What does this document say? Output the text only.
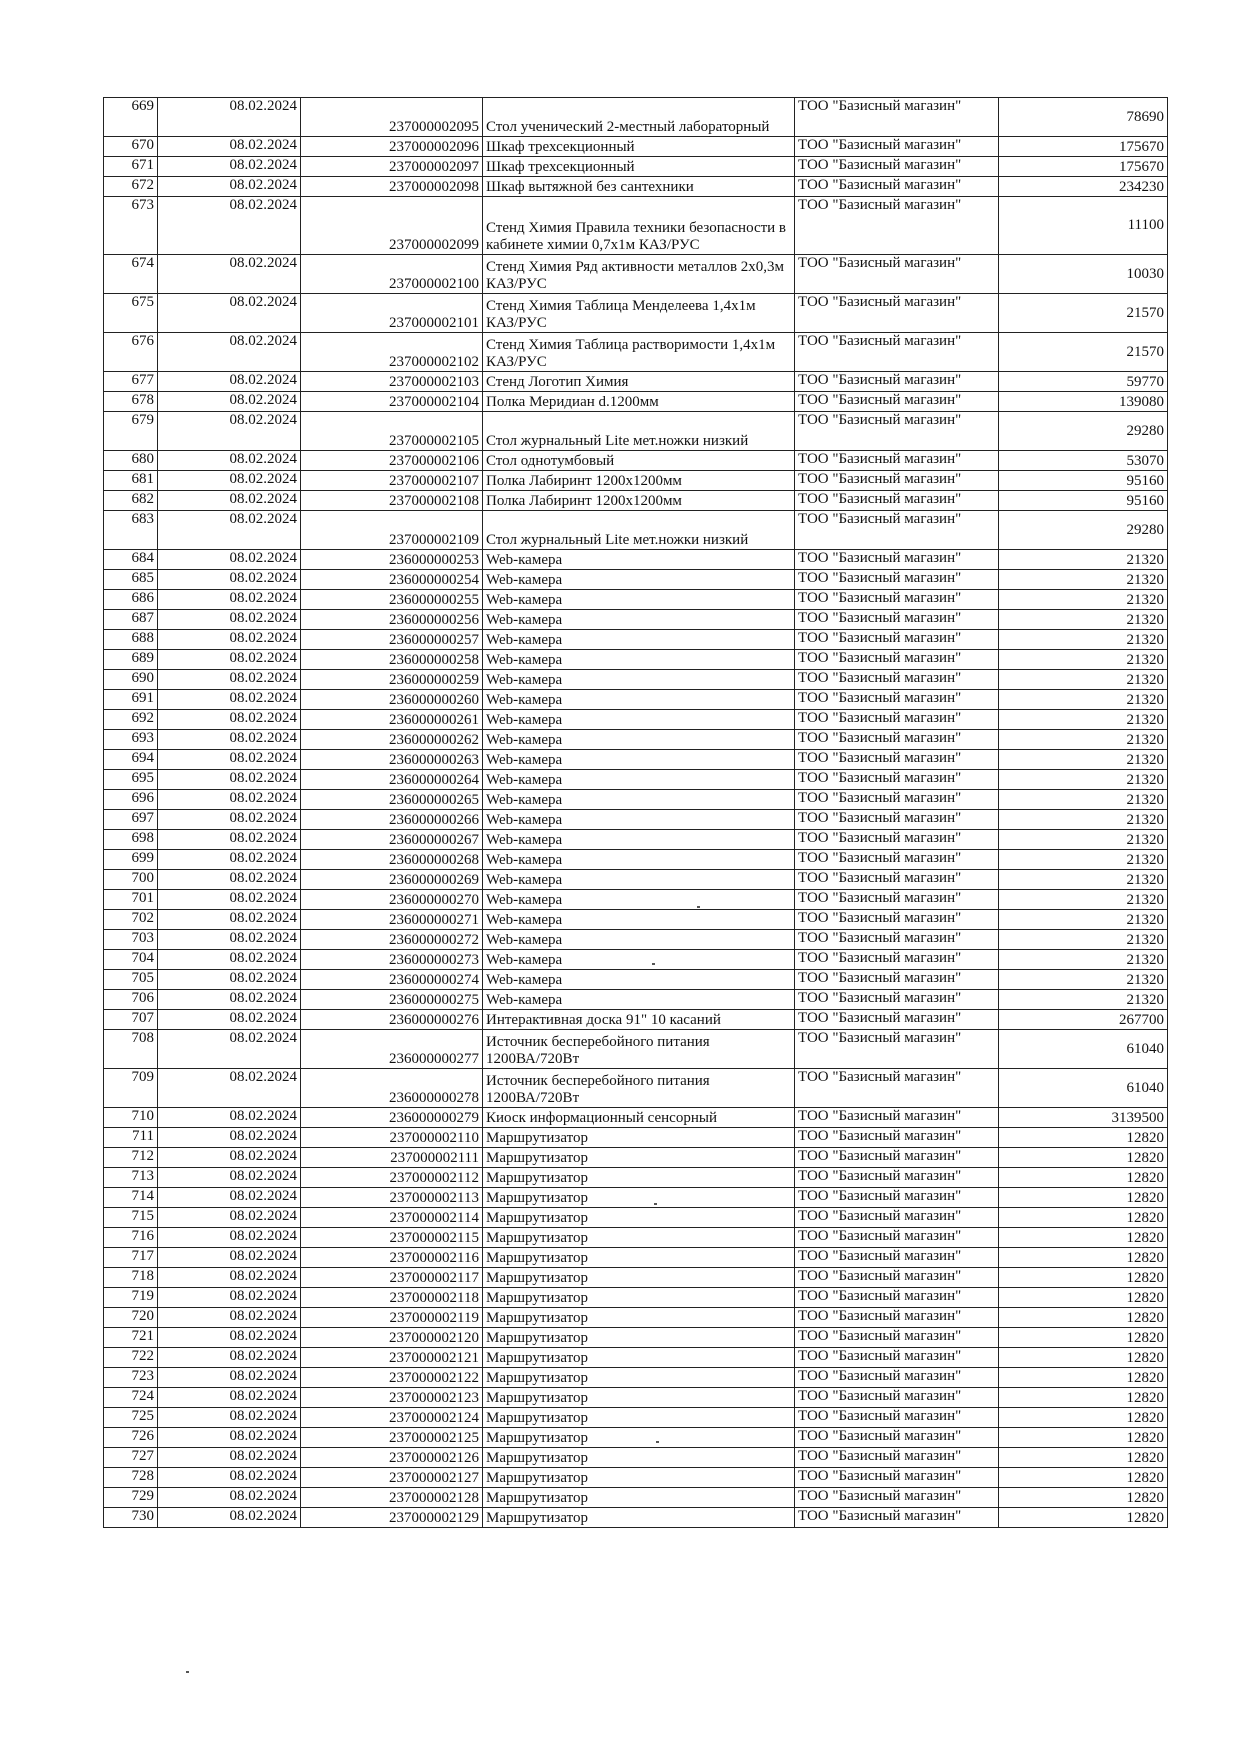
669	08.02.2024	237000002095	Стол ученический 2-местный лабораторный	ТОО "Базисный магазин"	78690
670	08.02.2024	237000002096	Шкаф трехсекционный	ТОО "Базисный магазин"	175670
671	08.02.2024	237000002097	Шкаф трехсекционный	ТОО "Базисный магазин"	175670
672	08.02.2024	237000002098	Шкаф вытяжной без сантехники	ТОО "Базисный магазин"	234230
673	08.02.2024	237000002099	Стенд Химия Правила техники безопасности в кабинете химии 0,7х1м КАЗ/РУС	ТОО "Базисный магазин"	11100
674	08.02.2024	237000002100	Стенд Химия Ряд активности металлов 2х0,3м КАЗ/РУС	ТОО "Базисный магазин"	10030
675	08.02.2024	237000002101	Стенд Химия Таблица Менделеева 1,4х1м КАЗ/РУС	ТОО "Базисный магазин"	21570
676	08.02.2024	237000002102	Стенд Химия Таблица растворимости 1,4х1м КАЗ/РУС	ТОО "Базисный магазин"	21570
677	08.02.2024	237000002103	Стенд Логотип Химия	ТОО "Базисный магазин"	59770
678	08.02.2024	237000002104	Полка Меридиан d.1200мм	ТОО "Базисный магазин"	139080
679	08.02.2024	237000002105	Стол журнальный Lite мет.ножки низкий	ТОО "Базисный магазин"	29280
680	08.02.2024	237000002106	Стол однотумбовый	ТОО "Базисный магазин"	53070
681	08.02.2024	237000002107	Полка Лабиринт 1200х1200мм	ТОО "Базисный магазин"	95160
682	08.02.2024	237000002108	Полка Лабиринт 1200х1200мм	ТОО "Базисный магазин"	95160
683	08.02.2024	237000002109	Стол журнальный Lite мет.ножки низкий	ТОО "Базисный магазин"	29280
684	08.02.2024	236000000253	Web-камера	ТОО "Базисный магазин"	21320
685	08.02.2024	236000000254	Web-камера	ТОО "Базисный магазин"	21320
686	08.02.2024	236000000255	Web-камера	ТОО "Базисный магазин"	21320
687	08.02.2024	236000000256	Web-камера	ТОО "Базисный магазин"	21320
688	08.02.2024	236000000257	Web-камера	ТОО "Базисный магазин"	21320
689	08.02.2024	236000000258	Web-камера	ТОО "Базисный магазин"	21320
690	08.02.2024	236000000259	Web-камера	ТОО "Базисный магазин"	21320
691	08.02.2024	236000000260	Web-камера	ТОО "Базисный магазин"	21320
692	08.02.2024	236000000261	Web-камера	ТОО "Базисный магазин"	21320
693	08.02.2024	236000000262	Web-камера	ТОО "Базисный магазин"	21320
694	08.02.2024	236000000263	Web-камера	ТОО "Базисный магазин"	21320
695	08.02.2024	236000000264	Web-камера	ТОО "Базисный магазин"	21320
696	08.02.2024	236000000265	Web-камера	ТОО "Базисный магазин"	21320
697	08.02.2024	236000000266	Web-камера	ТОО "Базисный магазин"	21320
698	08.02.2024	236000000267	Web-камера	ТОО "Базисный магазин"	21320
699	08.02.2024	236000000268	Web-камера	ТОО "Базисный магазин"	21320
700	08.02.2024	236000000269	Web-камера	ТОО "Базисный магазин"	21320
701	08.02.2024	236000000270	Web-камера	ТОО "Базисный магазин"	21320
702	08.02.2024	236000000271	Web-камера	ТОО "Базисный магазин"	21320
703	08.02.2024	236000000272	Web-камера	ТОО "Базисный магазин"	21320
704	08.02.2024	236000000273	Web-камера	ТОО "Базисный магазин"	21320
705	08.02.2024	236000000274	Web-камера	ТОО "Базисный магазин"	21320
706	08.02.2024	236000000275	Web-камера	ТОО "Базисный магазин"	21320
707	08.02.2024	236000000276	Интерактивная доска 91" 10 касаний	ТОО "Базисный магазин"	267700
708	08.02.2024	236000000277	Источник бесперебойного питания 1200ВА/720Вт	ТОО "Базисный магазин"	61040
709	08.02.2024	236000000278	Источник бесперебойного питания 1200ВА/720Вт	ТОО "Базисный магазин"	61040
710	08.02.2024	236000000279	Киоск информационный сенсорный	ТОО "Базисный магазин"	3139500
711	08.02.2024	237000002110	Маршрутизатор	ТОО "Базисный магазин"	12820
712	08.02.2024	237000002111	Маршрутизатор	ТОО "Базисный магазин"	12820
713	08.02.2024	237000002112	Маршрутизатор	ТОО "Базисный магазин"	12820
714	08.02.2024	237000002113	Маршрутизатор	ТОО "Базисный магазин"	12820
715	08.02.2024	237000002114	Маршрутизатор	ТОО "Базисный магазин"	12820
716	08.02.2024	237000002115	Маршрутизатор	ТОО "Базисный магазин"	12820
717	08.02.2024	237000002116	Маршрутизатор	ТОО "Базисный магазин"	12820
718	08.02.2024	237000002117	Маршрутизатор	ТОО "Базисный магазин"	12820
719	08.02.2024	237000002118	Маршрутизатор	ТОО "Базисный магазин"	12820
720	08.02.2024	237000002119	Маршрутизатор	ТОО "Базисный магазин"	12820
721	08.02.2024	237000002120	Маршрутизатор	ТОО "Базисный магазин"	12820
722	08.02.2024	237000002121	Маршрутизатор	ТОО "Базисный магазин"	12820
723	08.02.2024	237000002122	Маршрутизатор	ТОО "Базисный магазин"	12820
724	08.02.2024	237000002123	Маршрутизатор	ТОО "Базисный магазин"	12820
725	08.02.2024	237000002124	Маршрутизатор	ТОО "Базисный магазин"	12820
726	08.02.2024	237000002125	Маршрутизатор	ТОО "Базисный магазин"	12820
727	08.02.2024	237000002126	Маршрутизатор	ТОО "Базисный магазин"	12820
728	08.02.2024	237000002127	Маршрутизатор	ТОО "Базисный магазин"	12820
729	08.02.2024	237000002128	Маршрутизатор	ТОО "Базисный магазин"	12820
730	08.02.2024	237000002129	Маршрутизатор	ТОО "Базисный магазин"	12820
